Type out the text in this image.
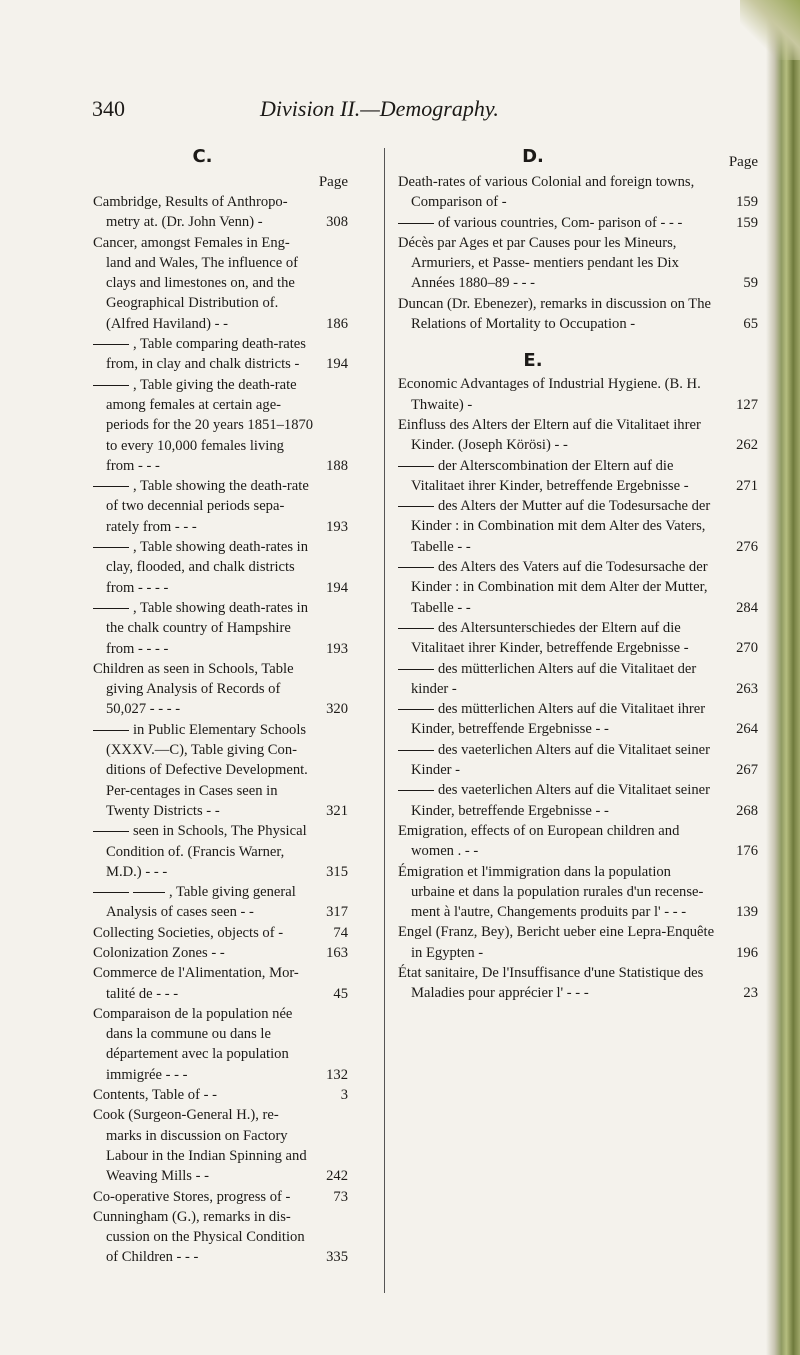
340	Division II.—Demography.
C.
Page
Cambridge, Results of Anthropo- metry at. (Dr. John Venn) -	308
Cancer, amongst Females in Eng- land and Wales, The influence of clays and limestones on, and the Geographical Distribution of. (Alfred Haviland) - -	186
, Table comparing death-rates from, in clay and chalk districts -	194
, Table giving the death-rate among females at certain age- periods for the 20 years 1851–1870 to every 10,000 females living from - - -	188
, Table showing the death-rate of two decennial periods sepa- rately from - - -	193
, Table showing death-rates in clay, flooded, and chalk districts from - - - -	194
, Table showing death-rates in the chalk country of Hampshire from - - - -	193
Children as seen in Schools, Table giving Analysis of Records of 50,027 - - - -	320
in Public Elementary Schools (XXXV.—C), Table giving Con- ditions of Defective Development. Per-centages in Cases seen in Twenty Districts - -	321
seen in Schools, The Physical Condition of. (Francis Warner, M.D.) - - -	315
, Table giving general Analysis of cases seen - -	317
Collecting Societies, objects of -	74
Colonization Zones - -	163
Commerce de l'Alimentation, Mor- talité de - - -	45
Comparaison de la population née dans la commune ou dans le département avec la population immigrée - - -	132
Contents, Table of - -	3
Cook (Surgeon-General H.), re- marks in discussion on Factory Labour in the Indian Spinning and Weaving Mills - -	242
Co-operative Stores, progress of -	73
Cunningham (G.), remarks in dis- cussion on the Physical Condition of Children - - -	335
D.	Page
Death-rates of various Colonial and foreign towns, Comparison of -	159
of various countries, Com- parison of - - -	159
Décès par Ages et par Causes pour les Mineurs, Armuriers, et Passe- mentiers pendant les Dix Années 1880–89 - - -	59
Duncan (Dr. Ebenezer), remarks in discussion on The Relations of Mortality to Occupation -	65
E.
Economic Advantages of Industrial Hygiene. (B. H. Thwaite) -	127
Einfluss des Alters der Eltern auf die Vitalitaet ihrer Kinder. (Joseph Körösi) - -	262
der Alterscombination der Eltern auf die Vitalitaet ihrer Kinder, betreffende Ergebnisse -	271
des Alters der Mutter auf die Todesursache der Kinder : in Combination mit dem Alter des Vaters, Tabelle - -	276
des Alters des Vaters auf die Todesursache der Kinder : in Combination mit dem Alter der Mutter, Tabelle - -	284
des Altersunterschiedes der Eltern auf die Vitalitaet ihrer Kinder, betreffende Ergebnisse -	270
des mütterlichen Alters auf die Vitalitaet der kinder -	263
des mütterlichen Alters auf die Vitalitaet ihrer Kinder, betreffende Ergebnisse - -	264
des vaeterlichen Alters auf die Vitalitaet seiner Kinder -	267
des vaeterlichen Alters auf die Vitalitaet seiner Kinder, betreffende Ergebnisse - -	268
Emigration, effects of on European children and women . - -	176
Émigration et l'immigration dans la population urbaine et dans la population rurales d'un recense- ment à l'autre, Changements produits par l' - - -	139
Engel (Franz, Bey), Bericht ueber eine Lepra-Enquête in Egypten -	196
État sanitaire, De l'Insuffisance d'une Statistique des Maladies pour apprécier l' - - -	23
